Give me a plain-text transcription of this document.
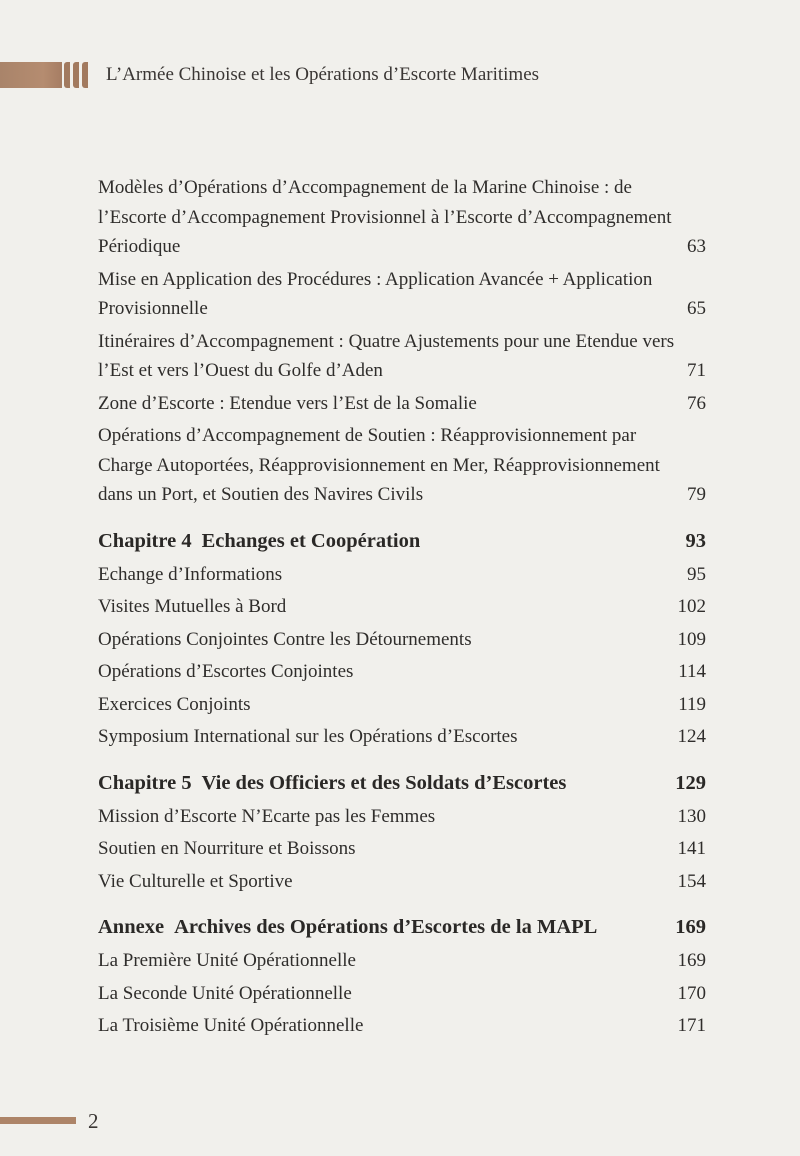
L’Armée Chinoise et les Opérations d’Escorte Maritimes
Modèles d’Opérations d’Accompagnement de la Marine Chinoise : de l’Escorte d’Accompagnement Provisionnel à l’Escorte d’Accompagnement Périodique	63
Mise en Application des Procédures : Application Avancée + Application Provisionnelle	65
Itinéraires d’Accompagnement : Quatre Ajustements pour une Etendue vers l’Est et vers l’Ouest du Golfe d’Aden	71
Zone d’Escorte : Etendue vers l’Est de la Somalie	76
Opérations d’Accompagnement de Soutien : Réapprovisionnement par Charge Autoportées, Réapprovisionnement en Mer, Réapprovisionnement dans un Port, et Soutien des Navires Civils	79
Chapitre 4 Echanges et Coopération	93
Echange d’Informations	95
Visites Mutuelles à Bord	102
Opérations Conjointes Contre les Détournements	109
Opérations d’Escortes Conjointes	114
Exercices Conjoints	119
Symposium International sur les Opérations d’Escortes	124
Chapitre 5 Vie des Officiers et des Soldats d’Escortes	129
Mission d’Escorte N’Ecarte pas les Femmes	130
Soutien en Nourriture et Boissons	141
Vie Culturelle et Sportive	154
Annexe Archives des Opérations d’Escortes de la MAPL	169
La Première Unité Opérationnelle	169
La Seconde Unité Opérationnelle	170
La Troisième Unité Opérationnelle	171
2
